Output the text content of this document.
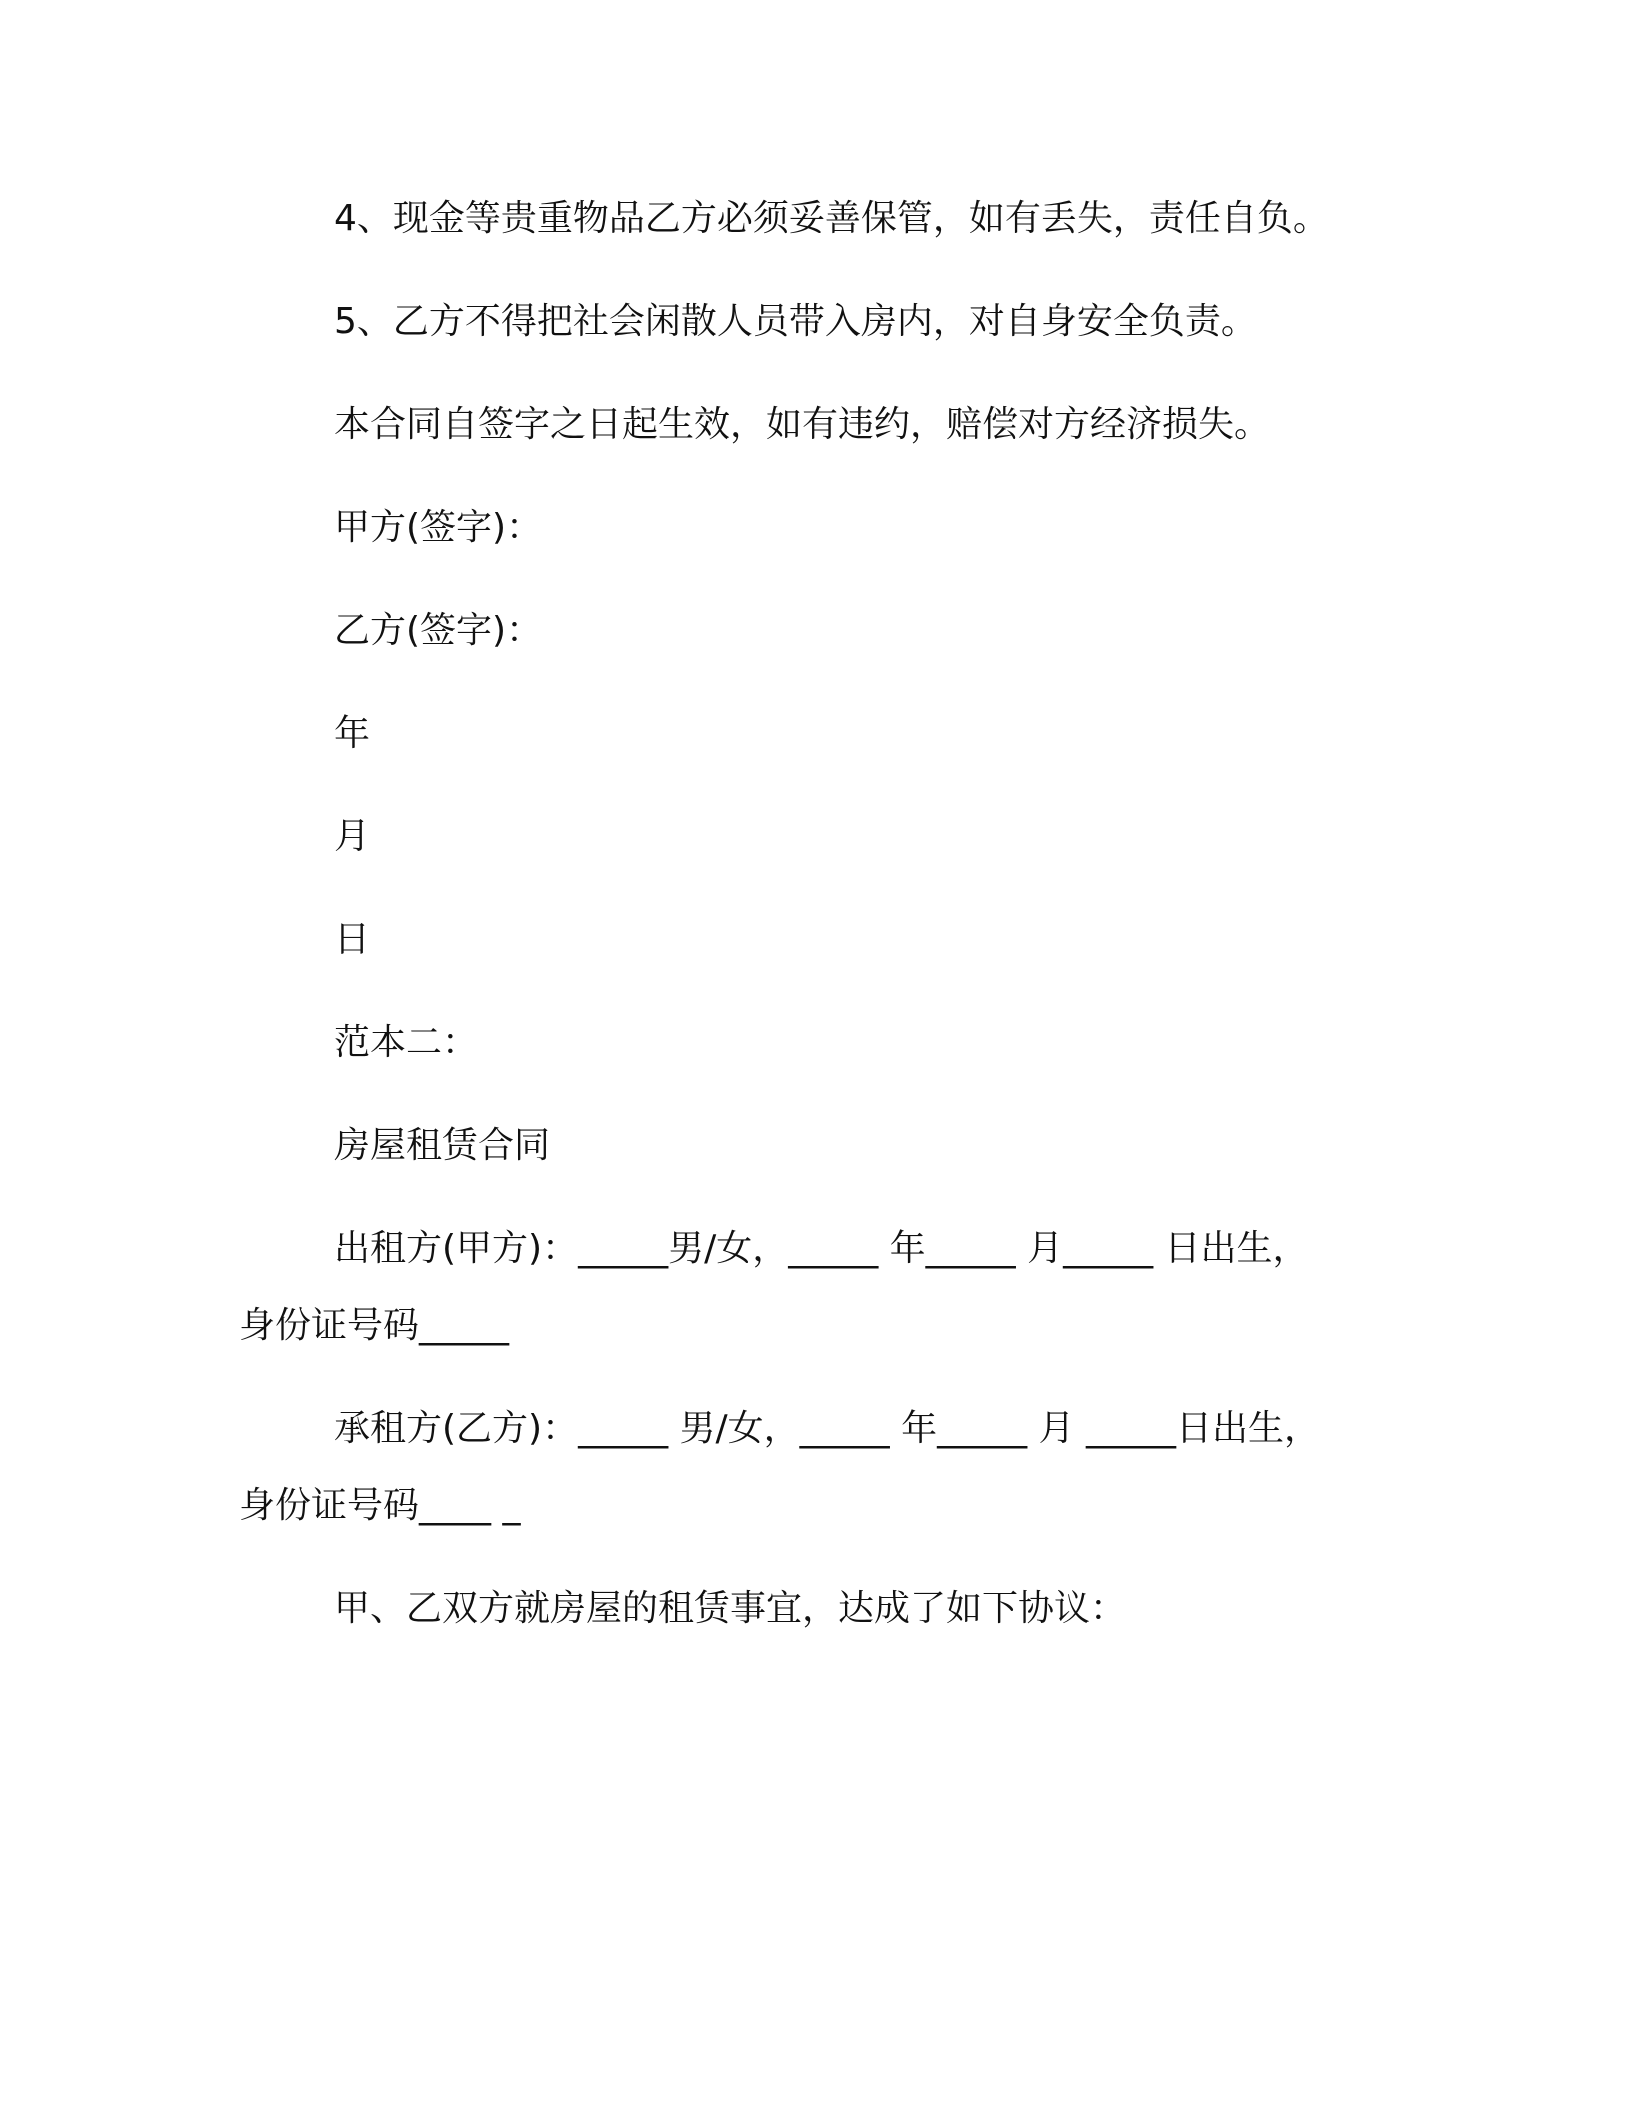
4、现金等贵重物品乙方必须妥善保管，如有丢失，责任自负。
5、乙方不得把社会闲散人员带入房内，对自身安全负责。
本合同自签字之日起生效，如有违约，赔偿对方经济损失。
甲方(签字)：
乙方(签字)：
年
月
日
范本二：
房屋租赁合同
出租方(甲方)：_____男/女，_____ 年_____ 月_____ 日出生，
身份证号码_____
承租方(乙方)：_____ 男/女，_____ 年_____ 月 _____日出生，
身份证号码____ _
甲、乙双方就房屋的租赁事宜，达成了如下协议：
